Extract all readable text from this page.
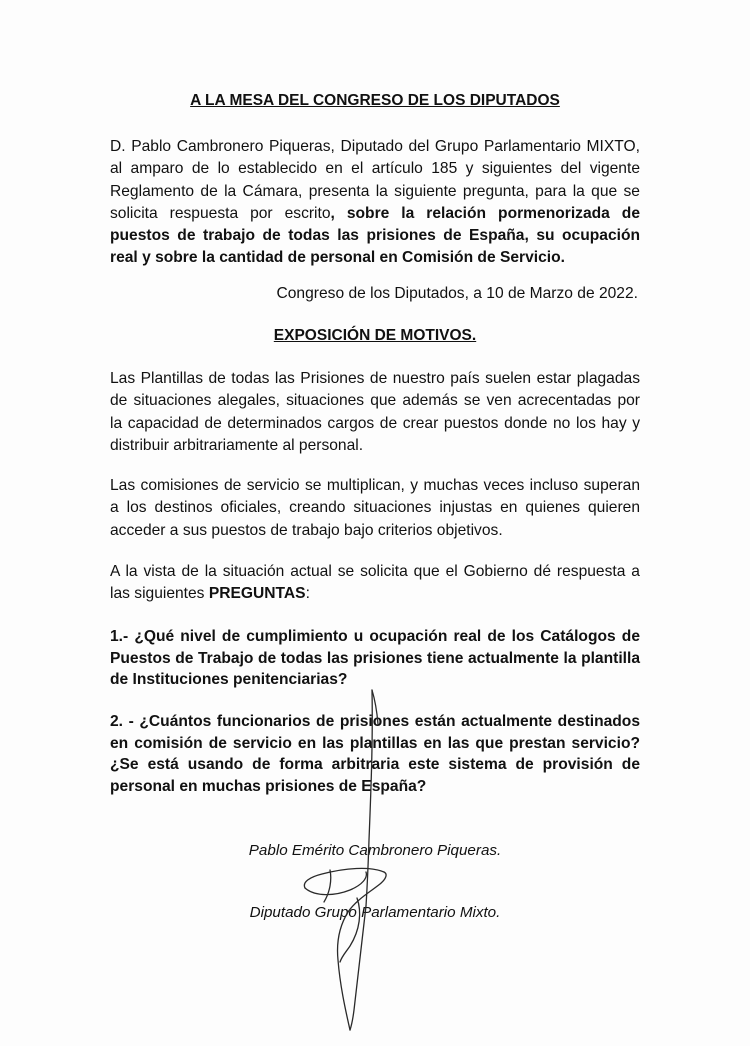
A LA MESA DEL CONGRESO DE LOS DIPUTADOS

D. Pablo Cambronero Piqueras, Diputado del Grupo Parlamentario MIXTO, al amparo de lo establecido en el artículo 185 y siguientes del vigente Reglamento de la Cámara, presenta la siguiente pregunta, para la que se solicita respuesta por escrito, sobre la relación pormenorizada de puestos de trabajo de todas las prisiones de España, su ocupación real y sobre la cantidad de personal en Comisión de Servicio.

Congreso de los Diputados, a 10 de Marzo de 2022.

EXPOSICIÓN DE MOTIVOS.

Las Plantillas de todas las Prisiones de nuestro país suelen estar plagadas de situaciones alegales, situaciones que además se ven acrecentadas por la capacidad de determinados cargos de crear puestos donde no los hay y distribuir arbitrariamente al personal.

Las comisiones de servicio se multiplican, y muchas veces incluso superan a los destinos oficiales, creando situaciones injustas en quienes quieren acceder a sus puestos de trabajo bajo criterios objetivos.

A la vista de la situación actual se solicita que el Gobierno dé respuesta a las siguientes PREGUNTAS:

1.- ¿Qué nivel de cumplimiento u ocupación real de los Catálogos de Puestos de Trabajo de todas las prisiones tiene actualmente la plantilla de Instituciones penitenciarias?

2. - ¿Cuántos funcionarios de prisiones están actualmente destinados en comisión de servicio en las plantillas en las que prestan servicio? ¿Se está usando de forma arbitraria este sistema de provisión de personal en muchas prisiones de España?

Pablo Emérito Cambronero Piqueras.

Diputado Grupo Parlamentario Mixto.
